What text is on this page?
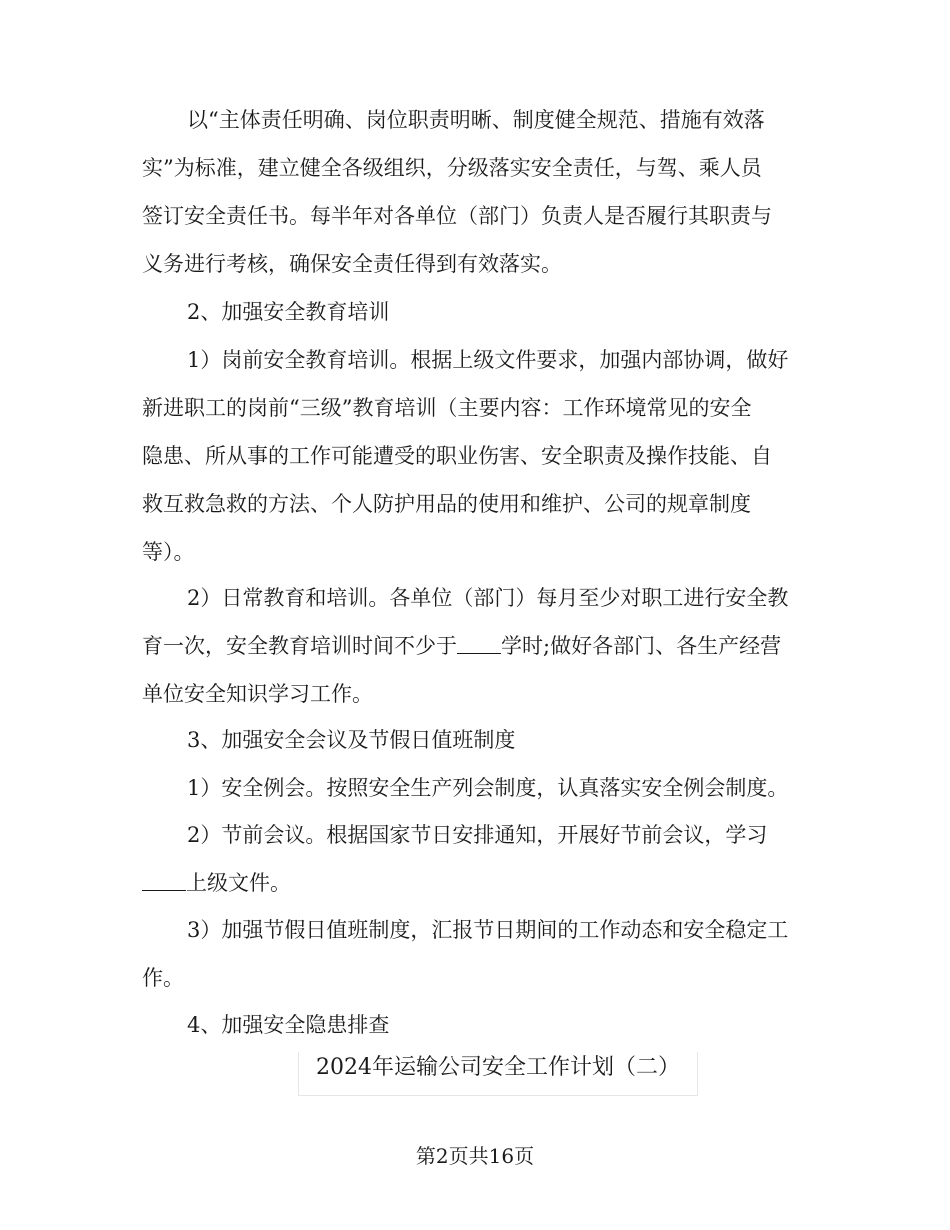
以“主体责任明确、岗位职责明晰、制度健全规范、措施有效落
实”为标准，建立健全各级组织，分级落实安全责任，与驾、乘人员
签订安全责任书。每半年对各单位（部门）负责人是否履行其职责与
义务进行考核，确保安全责任得到有效落实。
2、加强安全教育培训
1）岗前安全教育培训。根据上级文件要求，加强内部协调，做好
新进职工的岗前“三级”教育培训（主要内容：工作环境常见的安全
隐患、所从事的工作可能遭受的职业伤害、安全职责及操作技能、自
救互救急救的方法、个人防护用品的使用和维护、公司的规章制度
等）。
2）日常教育和培训。各单位（部门）每月至少对职工进行安全教
育一次，安全教育培训时间不少于 学时;做好各部门、各生产经营
单位安全知识学习工作。
3、加强安全会议及节假日值班制度
1）安全例会。按照安全生产列会制度，认真落实安全例会制度。
2）节前会议。根据国家节日安排通知，开展好节前会议，学习
上级文件。
3）加强节假日值班制度，汇报节日期间的工作动态和安全稳定工
作。
4、加强安全隐患排查
2024年运输公司安全工作计划（二）
第2页共16页
